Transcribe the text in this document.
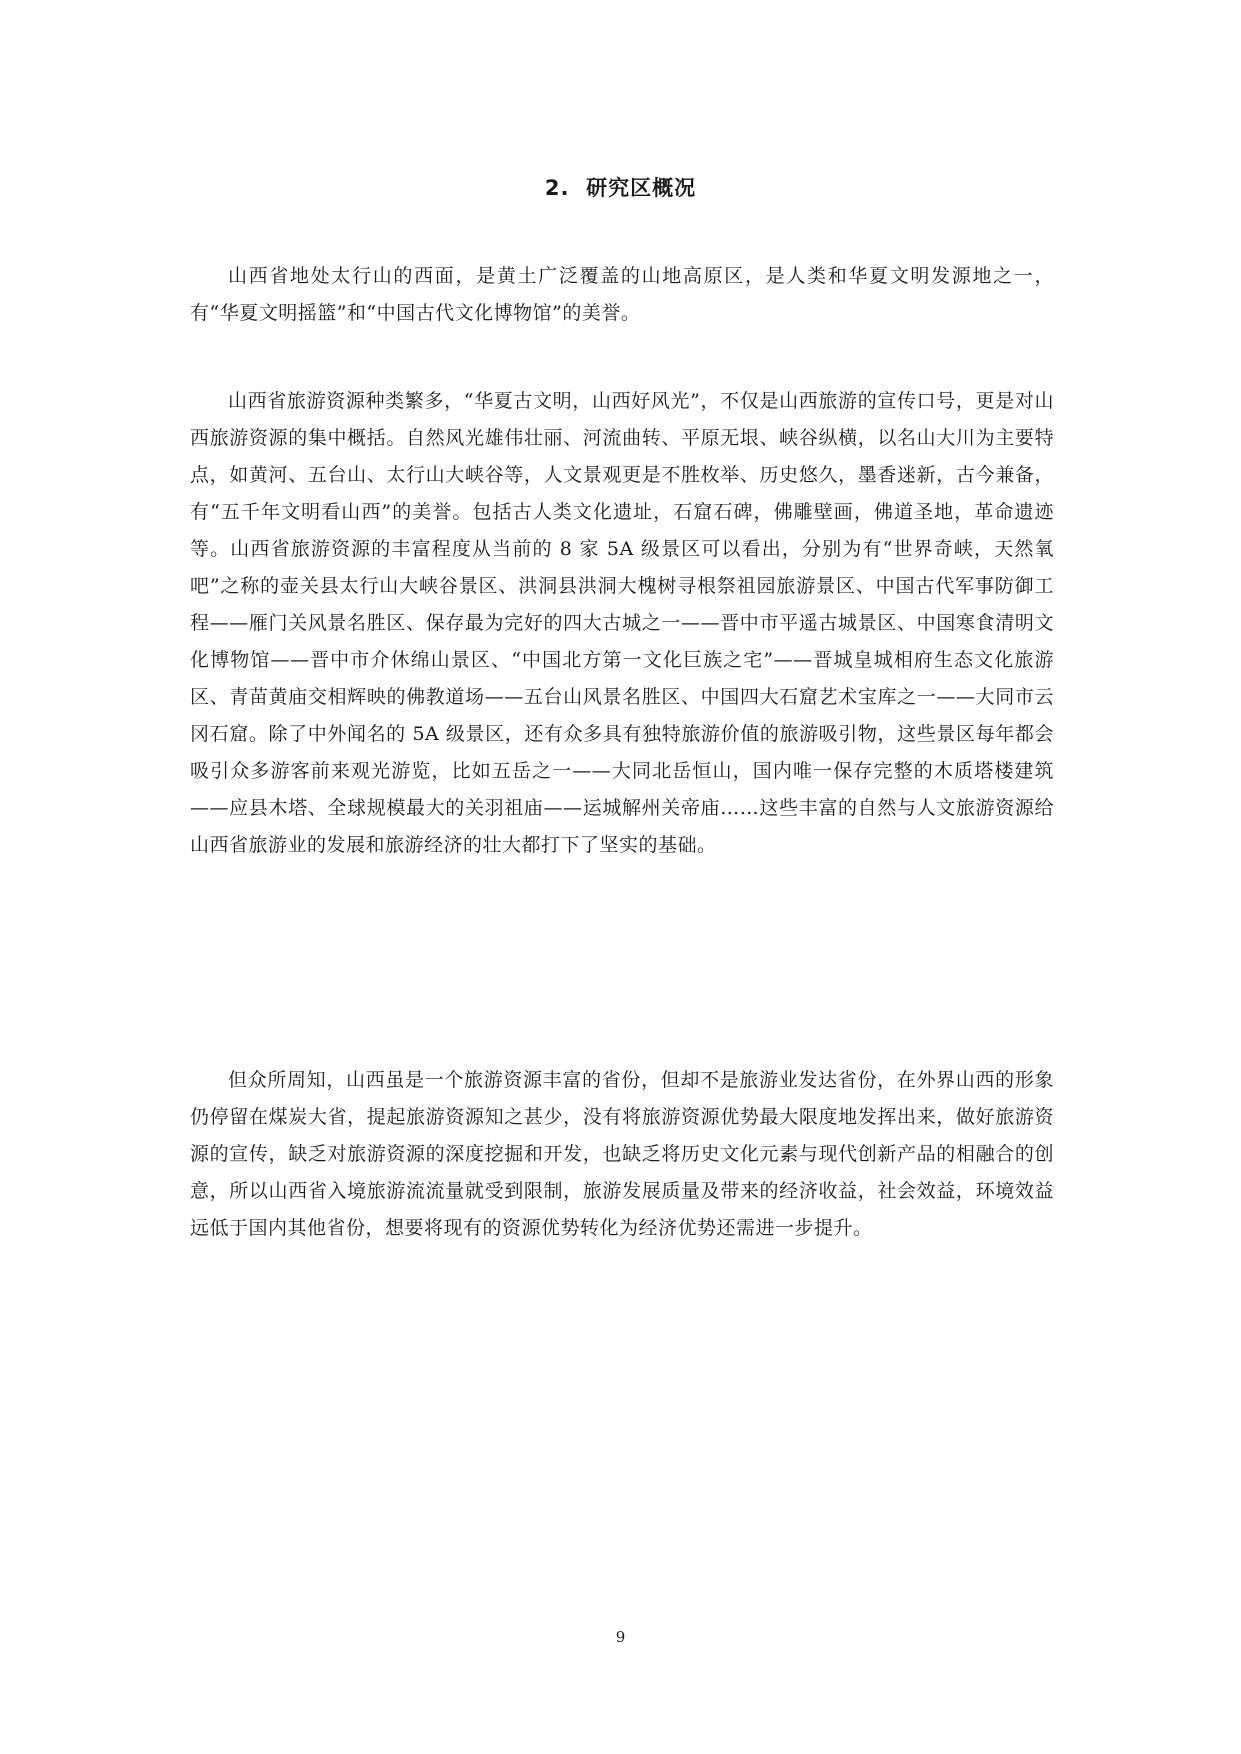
2.  研究区概况

山西省地处太行山的西面，是黄土广泛覆盖的山地高原区，是人类和华夏文明发源地之一，有“华夏文明摇篮”和“中国古代文化博物馆”的美誉。

山西省旅游资源种类繁多，“华夏古文明，山西好风光”，不仅是山西旅游的宣传口号，更是对山西旅游资源的集中概括。自然风光雄伟壮丽、河流曲转、平原无垠、峡谷纵横，以名山大川为主要特点，如黄河、五台山、太行山大峡谷等，人文景观更是不胜枚举、历史悠久，墨香迷新，古今兼备，有“五千年文明看山西”的美誉。包括古人类文化遗址，石窟石碑，佛雕壁画，佛道圣地，革命遗迹等。山西省旅游资源的丰富程度从当前的 8 家 5A 级景区可以看出，分别为有“世界奇峡，天然氧吧”之称的壶关县太行山大峡谷景区、洪洞县洪洞大槐树寻根祭祖园旅游景区、中国古代军事防御工程——雁门关风景名胜区、保存最为完好的四大古城之一——晋中市平遥古城景区、中国寒食清明文化博物馆——晋中市介休绵山景区、“中国北方第一文化巨族之宅”——晋城皇城相府生态文化旅游区、青苗黄庙交相辉映的佛教道场——五台山风景名胜区、中国四大石窟艺术宝库之一——大同市云冈石窟。除了中外闻名的 5A 级景区，还有众多具有独特旅游价值的旅游吸引物，这些景区每年都会吸引众多游客前来观光游览，比如五岳之一——大同北岳恒山，国内唯一保存完整的木质塔楼建筑——应县木塔、全球规模最大的关羽祖庙——运城解州关帝庙……这些丰富的自然与人文旅游资源给山西省旅游业的发展和旅游经济的壮大都打下了坚实的基础。

但众所周知，山西虽是一个旅游资源丰富的省份，但却不是旅游业发达省份，在外界山西的形象仍停留在煤炭大省，提起旅游资源知之甚少，没有将旅游资源优势最大限度地发挥出来，做好旅游资源的宣传，缺乏对旅游资源的深度挖掘和开发，也缺乏将历史文化元素与现代创新产品的相融合的创意，所以山西省入境旅游流流量就受到限制，旅游发展质量及带来的经济收益，社会效益，环境效益远低于国内其他省份，想要将现有的资源优势转化为经济优势还需进一步提升。

9
